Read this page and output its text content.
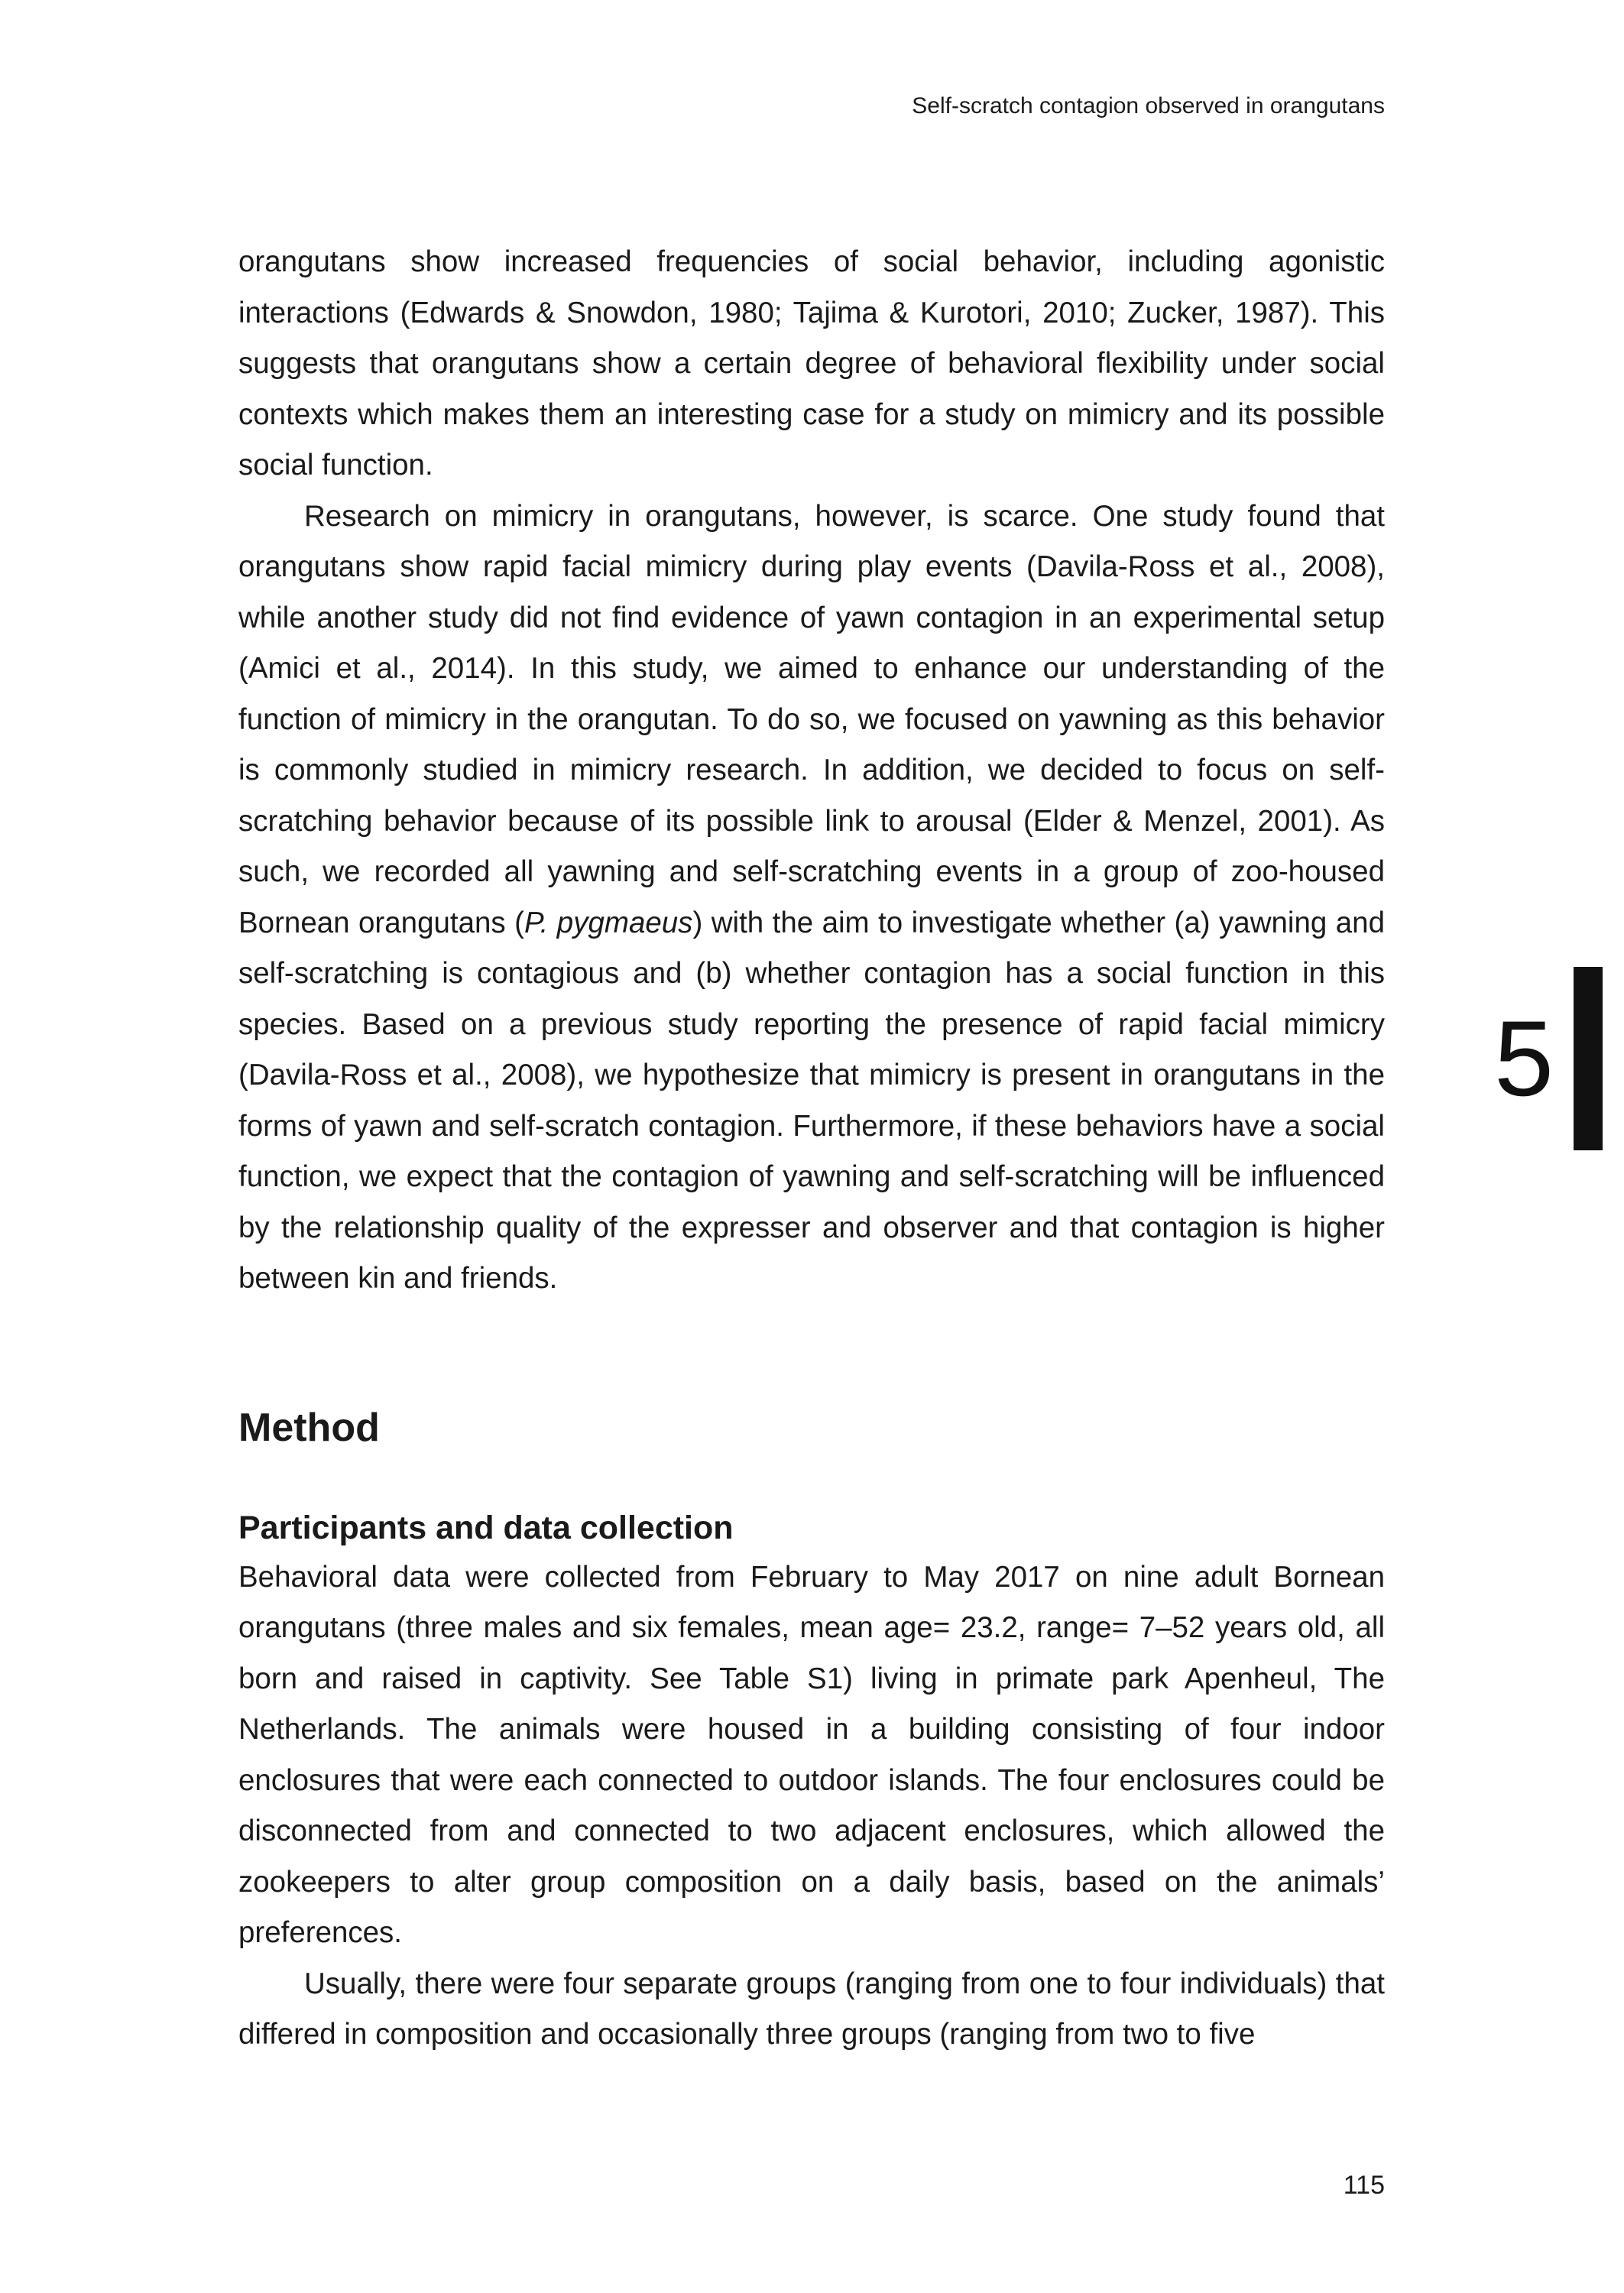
Self-scratch contagion observed in orangutans

orangutans show increased frequencies of social behavior, including agonistic interactions (Edwards & Snowdon, 1980; Tajima & Kurotori, 2010; Zucker, 1987). This suggests that orangutans show a certain degree of behavioral flexibility under social contexts which makes them an interesting case for a study on mimicry and its possible social function.

Research on mimicry in orangutans, however, is scarce. One study found that orangutans show rapid facial mimicry during play events (Davila-Ross et al., 2008), while another study did not find evidence of yawn contagion in an experimental setup (Amici et al., 2014). In this study, we aimed to enhance our understanding of the function of mimicry in the orangutan. To do so, we focused on yawning as this behavior is commonly studied in mimicry research. In addition, we decided to focus on self-scratching behavior because of its possible link to arousal (Elder & Menzel, 2001). As such, we recorded all yawning and self-scratching events in a group of zoo-housed Bornean orangutans (P. pygmaeus) with the aim to investigate whether (a) yawning and self-scratching is contagious and (b) whether contagion has a social function in this species. Based on a previous study reporting the presence of rapid facial mimicry (Davila-Ross et al., 2008), we hypothesize that mimicry is present in orangutans in the forms of yawn and self-scratch contagion. Furthermore, if these behaviors have a social function, we expect that the contagion of yawning and self-scratching will be influenced by the relationship quality of the expresser and observer and that contagion is higher between kin and friends.

Method
Participants and data collection

Behavioral data were collected from February to May 2017 on nine adult Bornean orangutans (three males and six females, mean age= 23.2, range= 7–52 years old, all born and raised in captivity. See Table S1) living in primate park Apenheul, The Netherlands. The animals were housed in a building consisting of four indoor enclosures that were each connected to outdoor islands. The four enclosures could be disconnected from and connected to two adjacent enclosures, which allowed the zookeepers to alter group composition on a daily basis, based on the animals’ preferences.

Usually, there were four separate groups (ranging from one to four individuals) that differed in composition and occasionally three groups (ranging from two to five

5
115
